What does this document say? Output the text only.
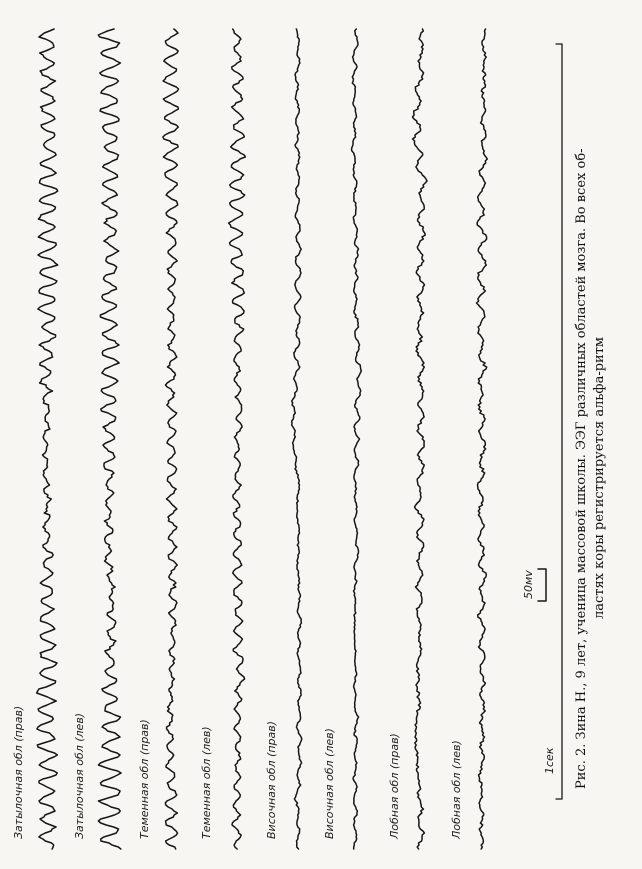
Затылочная обл (прав)	Затылочная обл (лев)	Теменная обл (прав)	Теменная обл (лев)	Височная обл (прав)	Височная обл (лев)	Лобная обл (прав)	Лобная обл (лев)
50мv
1сек Рис. 2. Зина Н., 9 лет, ученица массовой школы. ЭЭГ различных областей мозга. Во всех об- ластях коры регистрируется альфа-ритм
